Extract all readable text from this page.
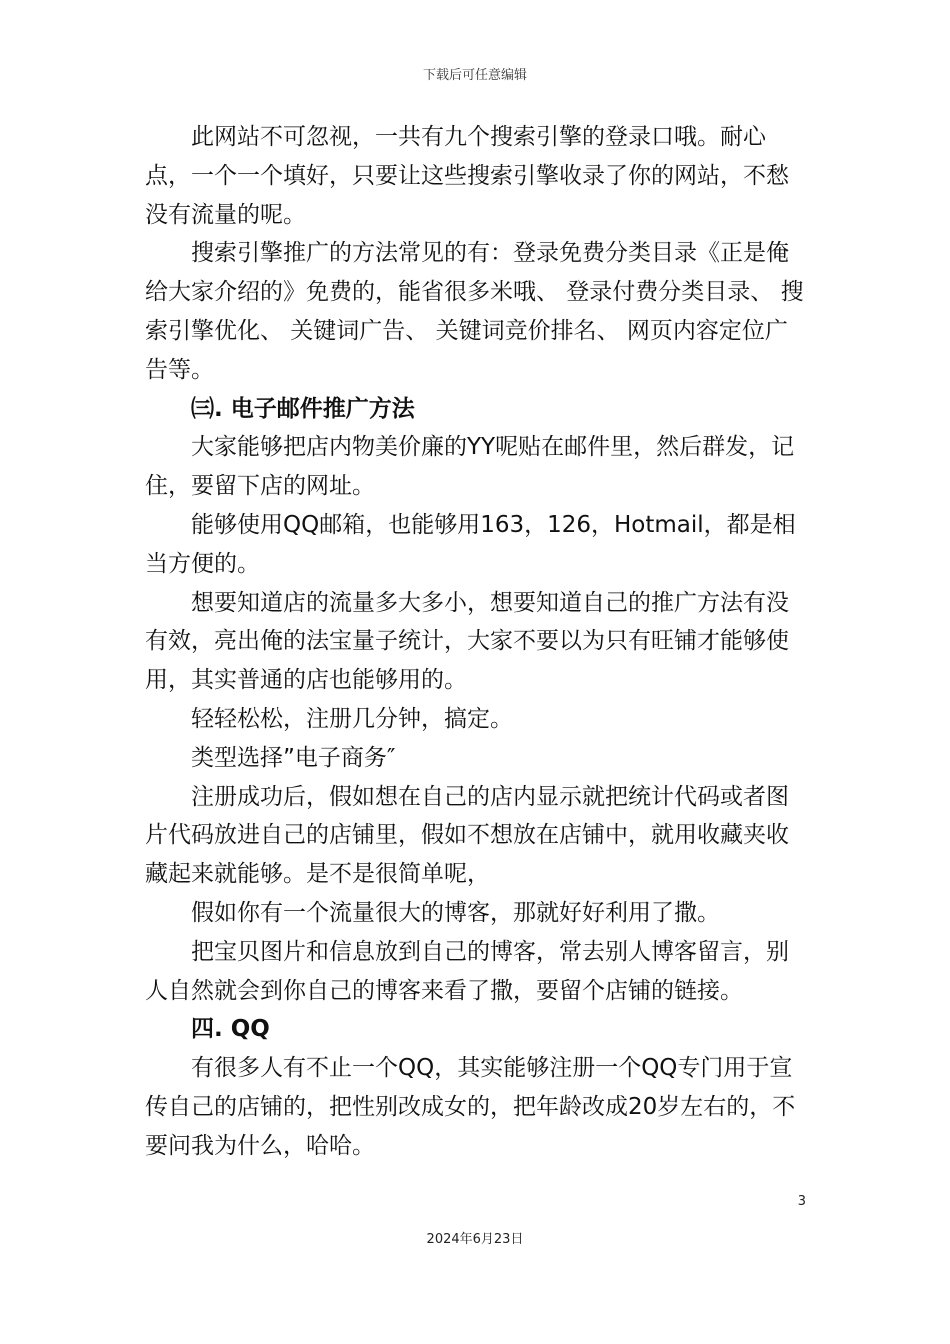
下载后可任意编辑

此网站不可忽视，一共有九个搜索引擎的登录口哦。耐心点，一个一个填好，只要让这些搜索引擎收录了你的网站，不愁没有流量的呢。

搜索引擎推广的方法常见的有：登录免费分类目录《正是俺给大家介绍的》免费的，能省很多米哦、 登录付费分类目录、 搜索引擎优化、 关键词广告、 关键词竞价排名、 网页内容定位广告等。

㈢. 电子邮件推广方法

大家能够把店内物美价廉的YY呢贴在邮件里，然后群发，记住，要留下店的网址。

能够使用QQ邮箱，也能够用163，126，Hotmail，都是相当方便的。

想要知道店的流量多大多小，想要知道自己的推广方法有没有效，亮出俺的法宝量子统计，大家不要以为只有旺铺才能够使用，其实普通的店也能够用的。

轻轻松松，注册几分钟，搞定。

类型选择”电子商务″

注册成功后，假如想在自己的店内显示就把统计代码或者图片代码放进自己的店铺里，假如不想放在店铺中，就用收藏夹收藏起来就能够。是不是很简单呢，

假如你有一个流量很大的博客，那就好好利用了撒。

把宝贝图片和信息放到自己的博客，常去别人博客留言，别人自然就会到你自己的博客来看了撒，要留个店铺的链接。

四. QQ

有很多人有不止一个QQ，其实能够注册一个QQ专门用于宣传自己的店铺的，把性别改成女的，把年龄改成20岁左右的，不要问我为什么，哈哈。

3
2024年6月23日
